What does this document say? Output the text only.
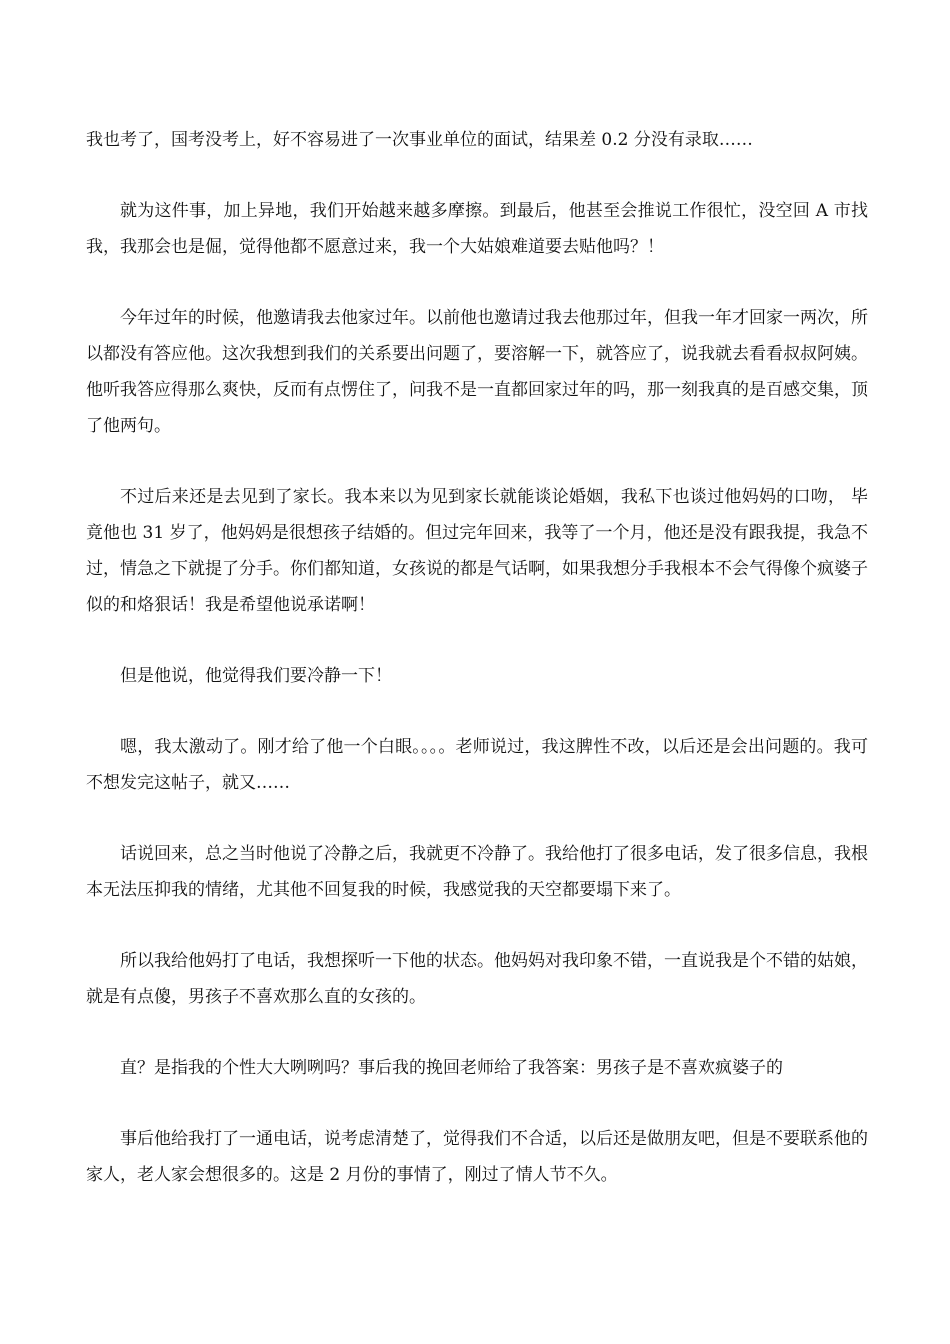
我也考了，国考没考上，好不容易进了一次事业单位的面试，结果差 0.2 分没有录取……

就为这件事，加上异地，我们开始越来越多摩擦。到最后，他甚至会推说工作很忙，没空回 A 市找我，我那会也是倔，觉得他都不愿意过来，我一个大姑娘难道要去贴他吗？！

今年过年的时候，他邀请我去他家过年。以前他也邀请过我去他那过年，但我一年才回家一两次，所以都没有答应他。这次我想到我们的关系要出问题了，要溶解一下，就答应了，说我就去看看叔叔阿姨。他听我答应得那么爽快，反而有点愣住了，问我不是一直都回家过年的吗，那一刻我真的是百感交集，顶了他两句。

不过后来还是去见到了家长。我本来以为见到家长就能谈论婚姻，我私下也谈过他妈妈的口吻， 毕竟他也 31 岁了，他妈妈是很想孩子结婚的。但过完年回来，我等了一个月，他还是没有跟我提，我急不过，情急之下就提了分手。你们都知道，女孩说的都是气话啊，如果我想分手我根本不会气得像个疯婆子似的和烙狠话！我是希望他说承诺啊！

但是他说，他觉得我们要冷静一下！

嗯，我太激动了。刚才给了他一个白眼。。。。老师说过，我这脾性不改，以后还是会出问题的。我可不想发完这帖子，就又……

话说回来，总之当时他说了冷静之后，我就更不冷静了。我给他打了很多电话，发了很多信息，我根本无法压抑我的情绪，尤其他不回复我的时候，我感觉我的天空都要塌下来了。

所以我给他妈打了电话，我想探听一下他的状态。他妈妈对我印象不错，一直说我是个不错的姑娘，就是有点傻，男孩子不喜欢那么直的女孩的。

直？是指我的个性大大咧咧吗？事后我的挽回老师给了我答案：男孩子是不喜欢疯婆子的

事后他给我打了一通电话，说考虑清楚了，觉得我们不合适，以后还是做朋友吧，但是不要联系他的家人，老人家会想很多的。这是 2 月份的事情了，刚过了情人节不久。
